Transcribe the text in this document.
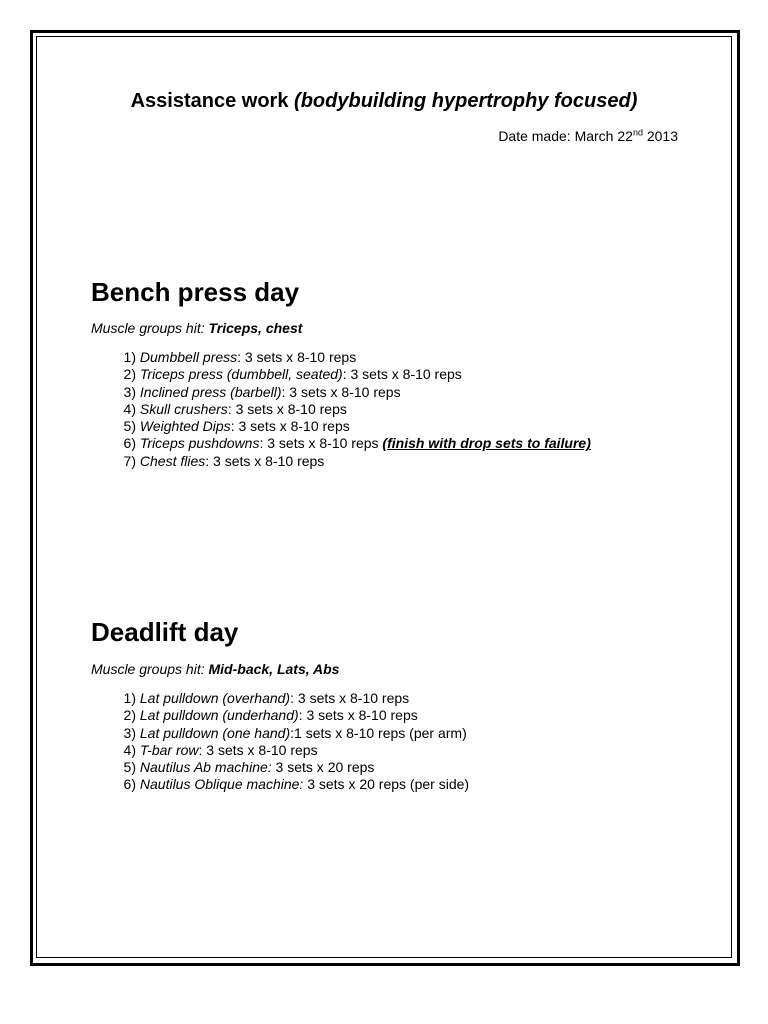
Assistance work (bodybuilding hypertrophy focused)
Date made: March 22nd 2013
Bench press day
Muscle groups hit: Triceps, chest
1) Dumbbell press: 3 sets x 8-10 reps
2) Triceps press (dumbbell, seated): 3 sets x 8-10 reps
3) Inclined press (barbell): 3 sets x 8-10 reps
4) Skull crushers: 3 sets x 8-10 reps
5) Weighted Dips: 3 sets x 8-10 reps
6) Triceps pushdowns: 3 sets x 8-10 reps (finish with drop sets to failure)
7) Chest flies: 3 sets x 8-10 reps
Deadlift day
Muscle groups hit: Mid-back, Lats, Abs
1) Lat pulldown (overhand): 3 sets x 8-10 reps
2) Lat pulldown (underhand): 3 sets x 8-10 reps
3) Lat pulldown (one hand):1 sets x 8-10 reps (per arm)
4) T-bar row: 3 sets x 8-10 reps
5) Nautilus Ab machine: 3 sets x 20 reps
6) Nautilus Oblique machine: 3 sets x 20 reps (per side)
